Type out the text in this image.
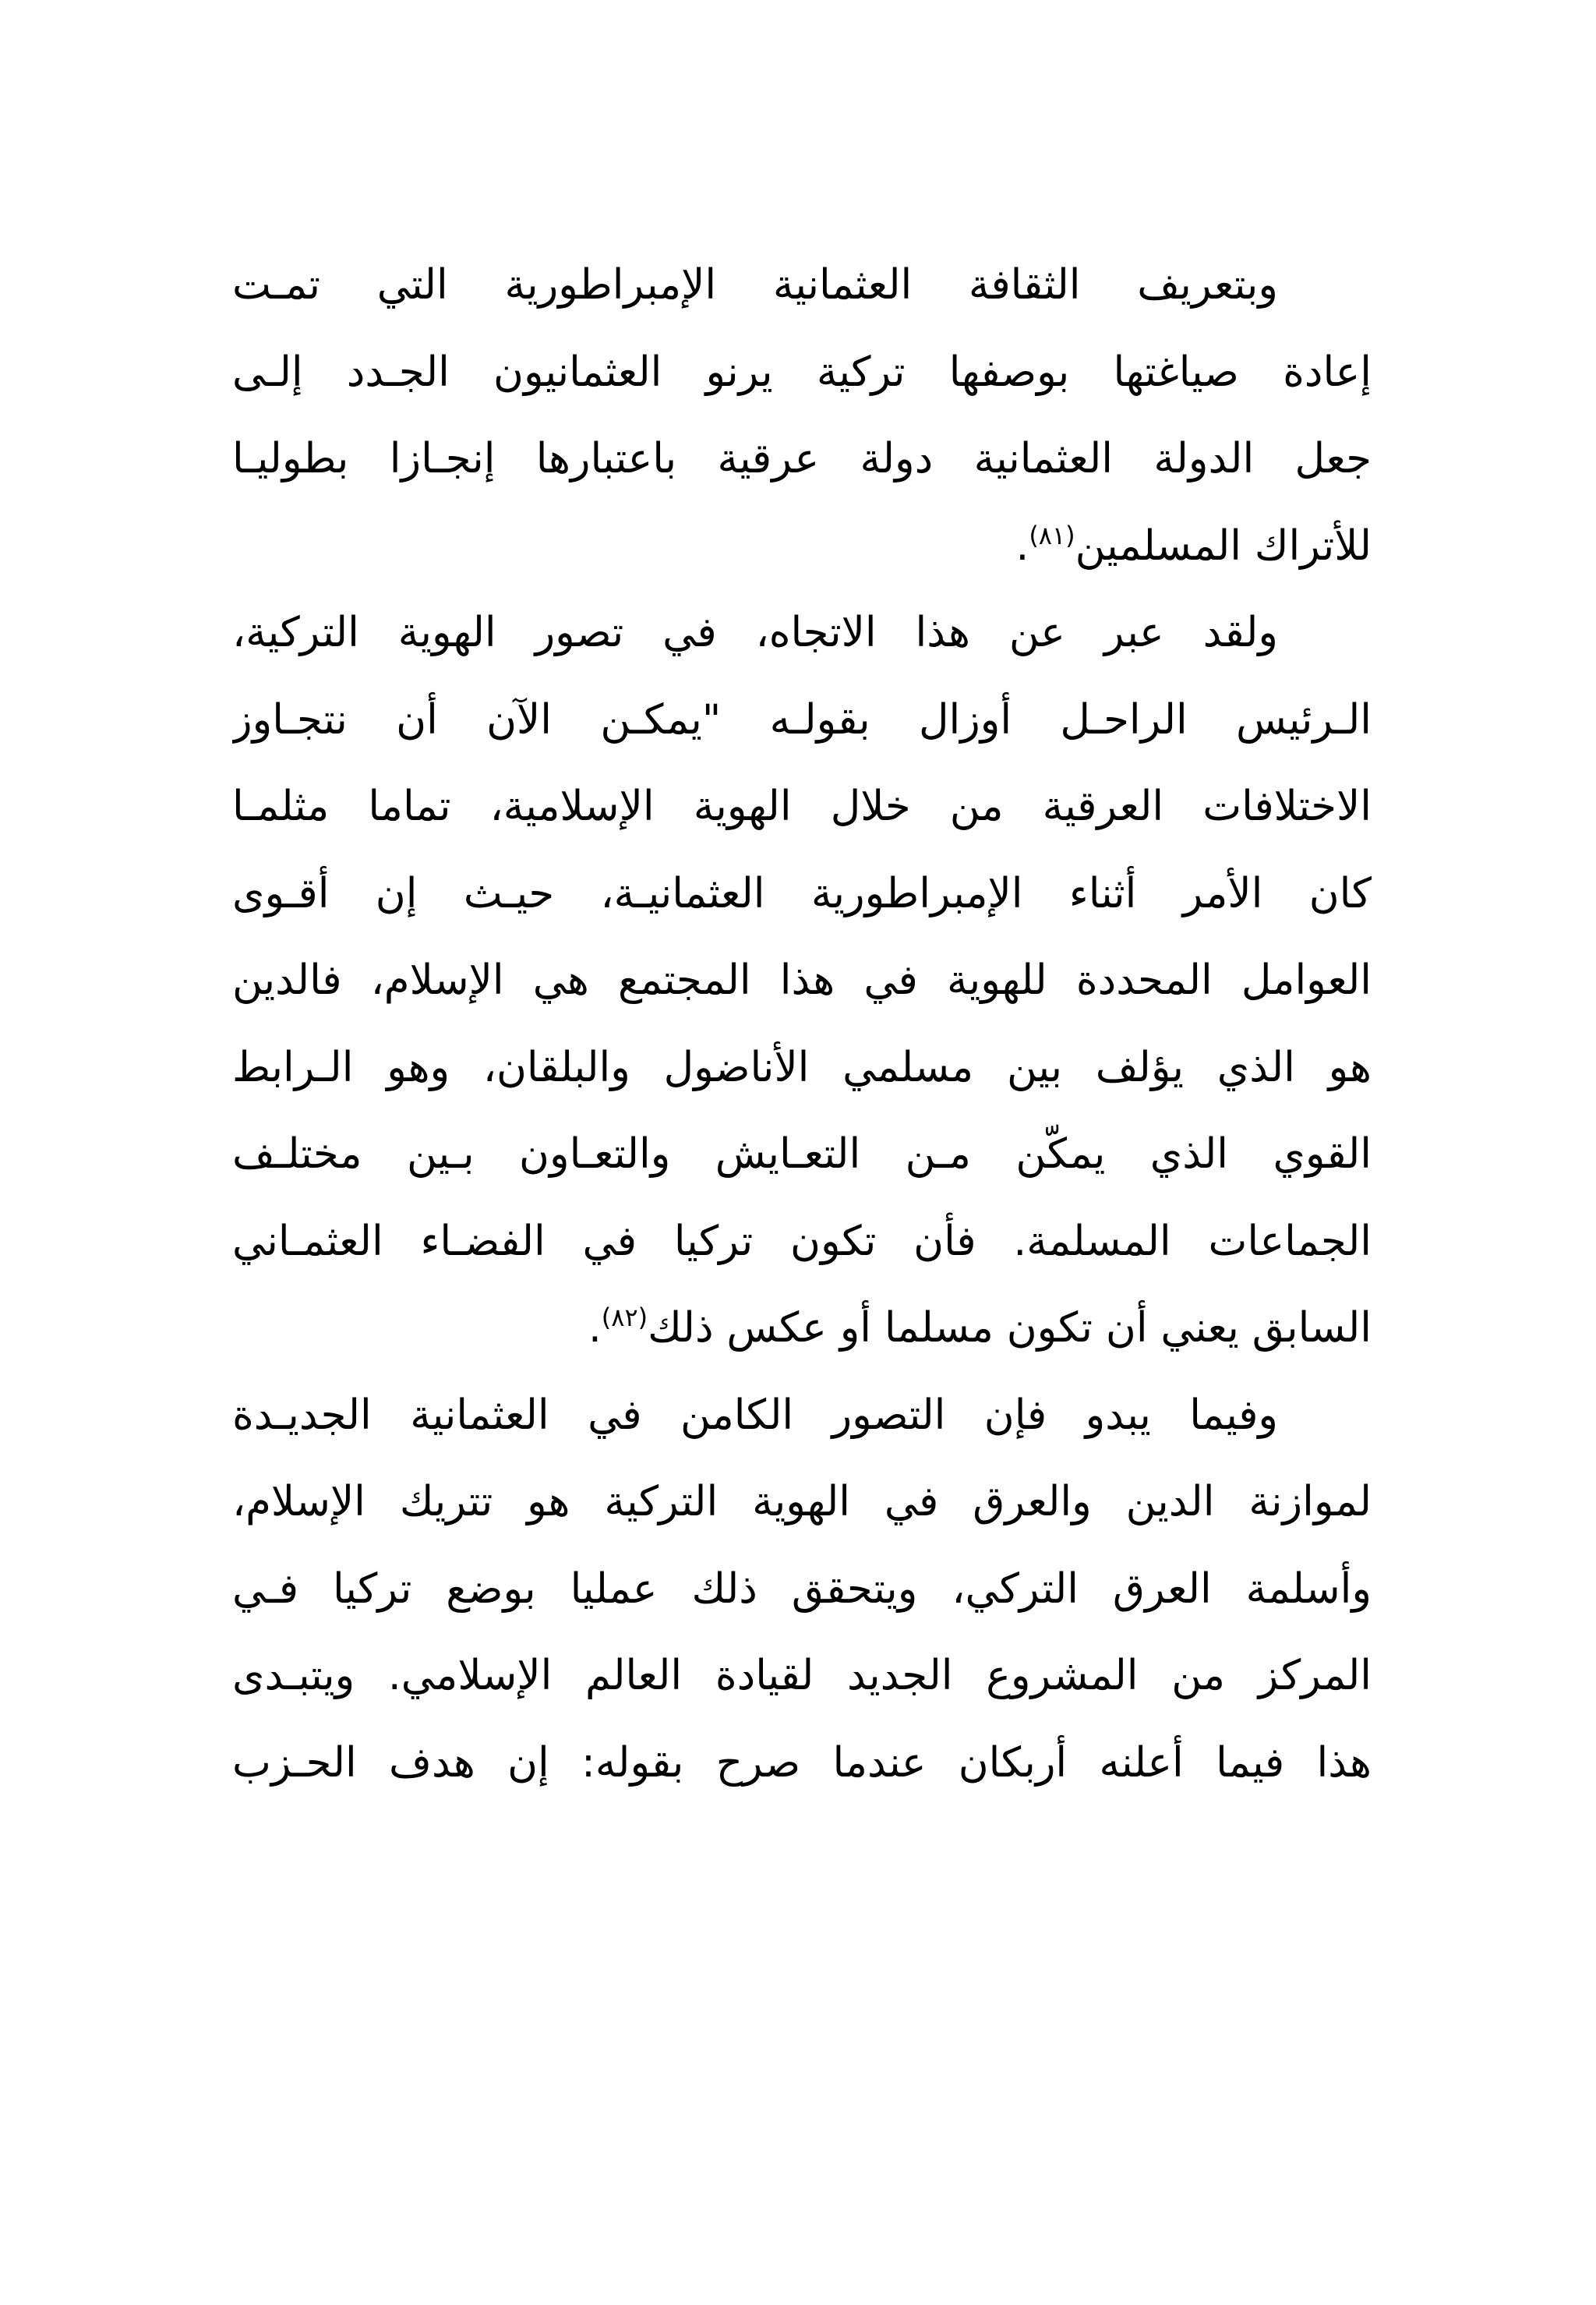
وبتعريف الثقافة العثمانية الإمبراطورية التي تمـت
إعادة صياغتها بوصفها تركية يرنو العثمانيون الجـدد إلـى
جعل الدولة العثمانية دولة عرقية باعتبارها إنجـازا بطوليـا
للأتراك المسلمين$^{(٨١)}$.

ولقد عبر عن هذا الاتجاه، في تصور الهوية التركية،
الـرئيس الراحـل أوزال بقولـه "يمكـن الآن أن نتجـاوز
الاختلافات العرقية من خلال الهوية الإسلامية، تماما مثلمـا
كان الأمر أثناء الإمبراطورية العثمانيـة، حيـث إن أقـوى
العوامل المحددة للهوية في هذا المجتمع هي الإسلام، فالدين
هو الذي يؤلف بين مسلمي الأناضول والبلقان، وهو الـرابط
القوي الذي يمكّن مـن التعـايش والتعـاون بـين مختلـف
الجماعات المسلمة. فأن تكون تركيا في الفضـاء العثمـاني
السابق يعني أن تكون مسلما أو عكس ذلك$^{(٨٢)}$.

وفيما يبدو فإن التصور الكامن في العثمانية الجديـدة
لموازنة الدين والعرق في الهوية التركية هو تتريك الإسلام،
وأسلمة العرق التركي، ويتحقق ذلك عمليا بوضع تركيا فـي
المركز من المشروع الجديد لقيادة العالم الإسلامي. ويتبـدى
هذا فيما أعلنه أربكان عندما صرح بقوله: إن هدف الحـزب
